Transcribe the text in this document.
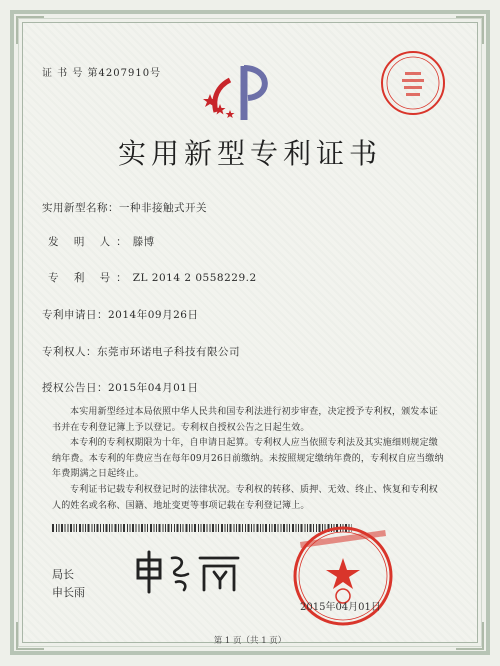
证 书 号 第4207910号
实用新型专利证书
实用新型名称：一种非接触式开关
发 明 人：滕博
专 利 号：ZL 2014 2 0558229.2
专利申请日：2014年09月26日
专利权人：东莞市环诺电子科技有限公司
授权公告日：2015年04月01日
本实用新型经过本局依照中华人民共和国专利法进行初步审查，决定授予专利权，颁发本证书并在专利登记簿上予以登记。专利权自授权公告之日起生效。
本专利的专利权期限为十年，自申请日起算。专利权人应当依照专利法及其实施细则规定缴纳年费。本专利的年费应当在每年09月26日前缴纳。未按照规定缴纳年费的，专利权自应当缴纳年费期满之日起终止。
专利证书记载专利权登记时的法律状况。专利权的转移、质押、无效、终止、恢复和专利权人的姓名或名称、国籍、地址变更等事项记载在专利登记簿上。
局长
申长雨
2015年04月01日
第 1 页（共 1 页）
